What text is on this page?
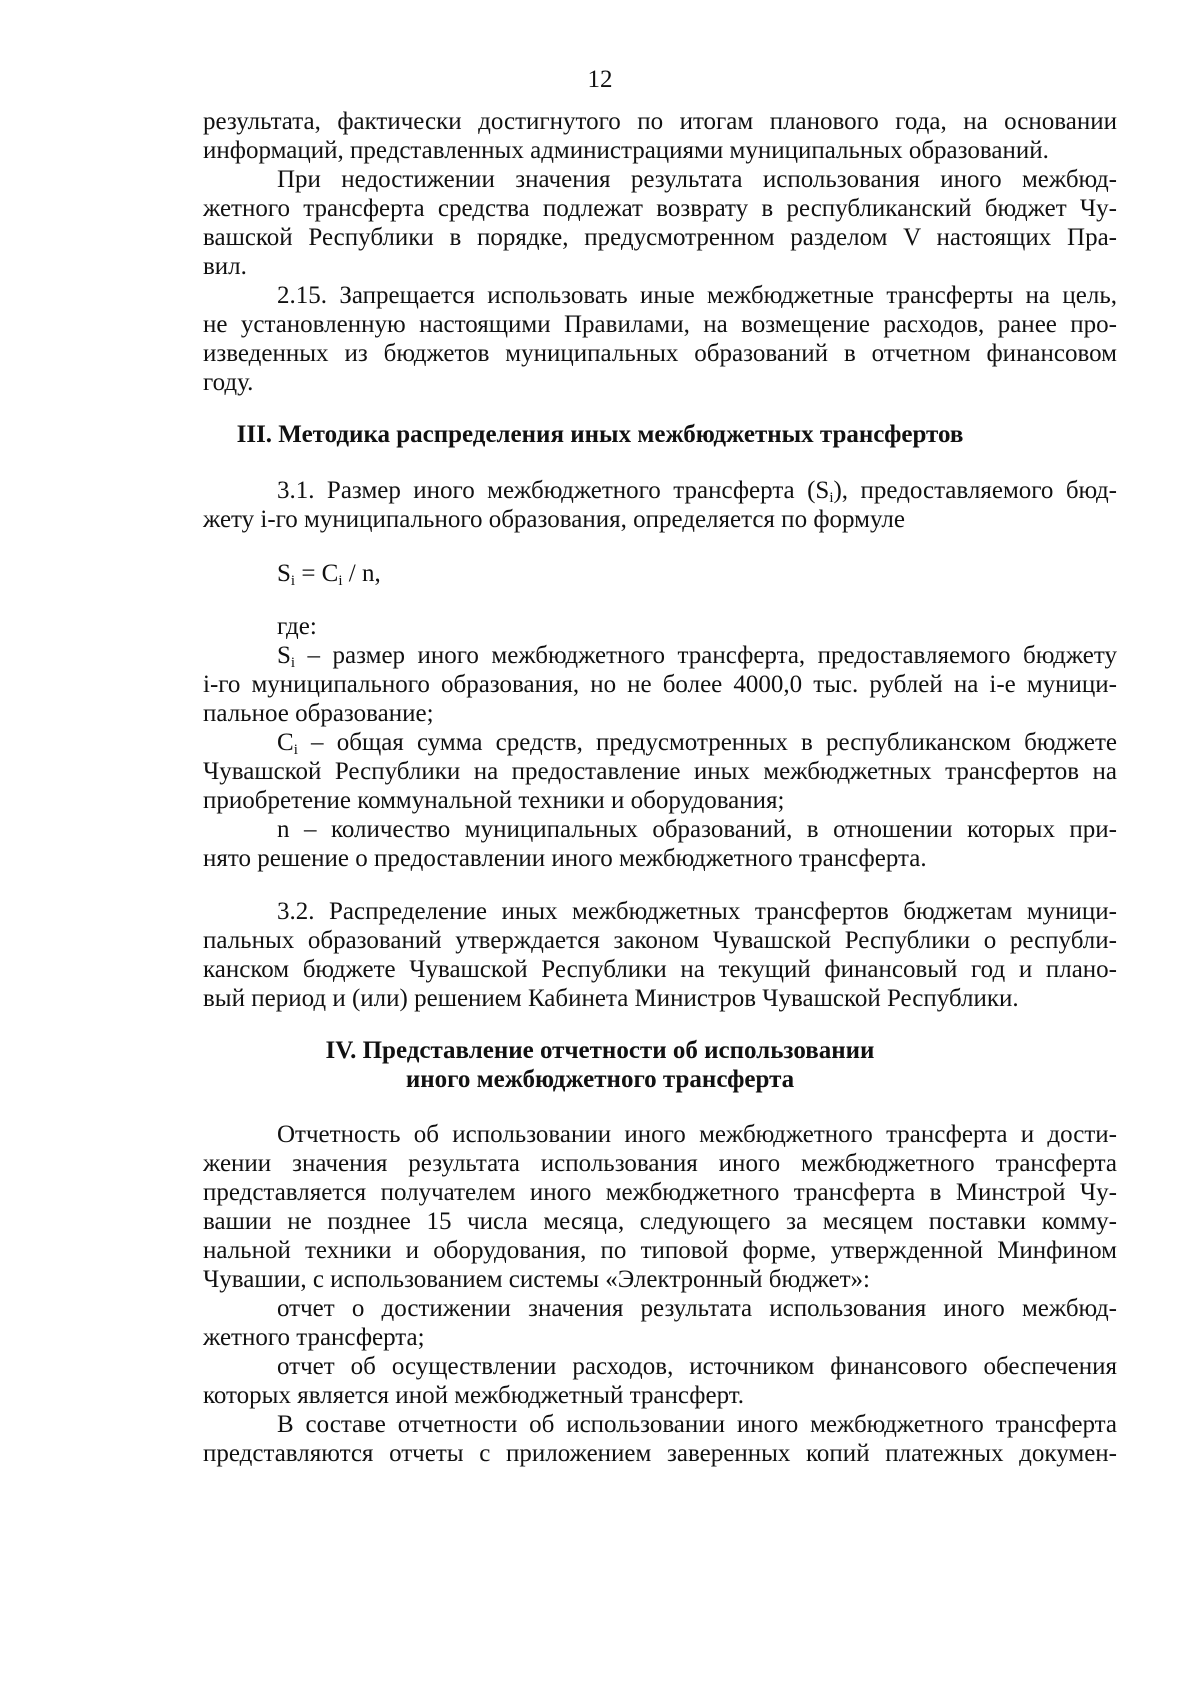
12
результата, фактически достигнутого по итогам планового года, на основании
информаций, представленных администрациями муниципальных образований.
При недостижении значения результата использования иного межбюд-
жетного трансферта средства подлежат возврату в республиканский бюджет Чу-
вашской Республики в порядке, предусмотренном разделом V настоящих Пра-
вил.
2.15. Запрещается использовать иные межбюджетные трансферты на цель,
не установленную настоящими Правилами, на возмещение расходов, ранее про-
изведенных из бюджетов муниципальных образований в отчетном финансовом
году.
III. Методика распределения иных межбюджетных трансфертов
3.1. Размер иного межбюджетного трансферта $(S_i)$, предоставляемого бюд-
жету i-го муниципального образования, определяется по формуле
$S_i = C_i / n$,
где:
$S_i$ – размер иного межбюджетного трансферта, предоставляемого бюджету
i-го муниципального образования, но не более 4000,0 тыс. рублей на i-е муници-
пальное образование;
$C_i$ – общая сумма средств, предусмотренных в республиканском бюджете
Чувашской Республики на предоставление иных межбюджетных трансфертов на
приобретение коммунальной техники и оборудования;
n – количество муниципальных образований, в отношении которых при-
нято решение о предоставлении иного межбюджетного трансферта.
3.2. Распределение иных межбюджетных трансфертов бюджетам муници-
пальных образований утверждается законом Чувашской Республики о республи-
канском бюджете Чувашской Республики на текущий финансовый год и плано-
вый период и (или) решением Кабинета Министров Чувашской Республики.
IV. Представление отчетности об использовании
иного межбюджетного трансферта
Отчетность об использовании иного межбюджетного трансферта и дости-
жении значения результата использования иного межбюджетного трансферта
представляется получателем иного межбюджетного трансферта в Минстрой Чу-
вашии не позднее 15 числа месяца, следующего за месяцем поставки комму-
нальной техники и оборудования, по типовой форме, утвержденной Минфином
Чувашии, с использованием системы «Электронный бюджет»:
отчет о достижении значения результата использования иного межбюд-
жетного трансферта;
отчет об осуществлении расходов, источником финансового обеспечения
которых является иной межбюджетный трансферт.
В составе отчетности об использовании иного межбюджетного трансферта
представляются отчеты с приложением заверенных копий платежных докумен-
